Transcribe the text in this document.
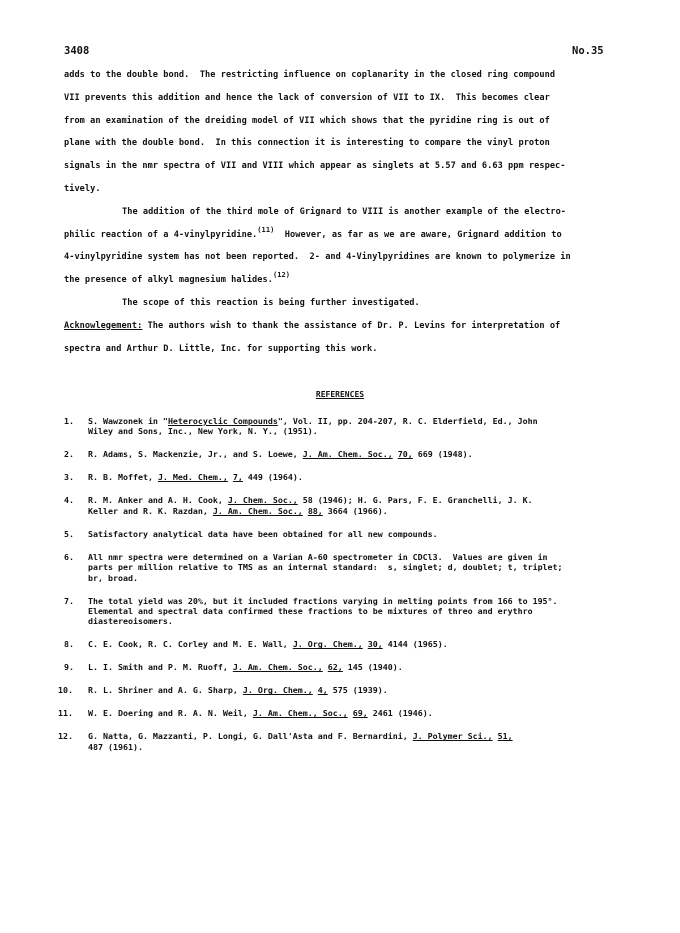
3408	No.35
adds to the double bond.  The restricting influence on coplanarity in the closed ring compound
VII prevents this addition and hence the lack of conversion of VII to IX.  This becomes clear
from an examination of the dreiding model of VII which shows that the pyridine ring is out of
plane with the double bond.  In this connection it is interesting to compare the vinyl proton
signals in the nmr spectra of VII and VIII which appear as singlets at 5.57 and 6.63 ppm respec-
tively.
The addition of the third mole of Grignard to VIII is another example of the electro-
philic reaction of a 4-vinylpyridine.$^{(11)}$  However, as far as we are aware, Grignard addition to
4-vinylpyridine system has not been reported.  2- and 4-Vinylpyridines are known to polymerize in
the presence of alkyl magnesium halides.$^{(12)}$
The scope of this reaction is being further investigated.
Acknowlegement: The authors wish to thank the assistance of Dr. P. Levins for interpretation of
spectra and Arthur D. Little, Inc. for supporting this work.
REFERENCES
1.	S. Wawzonek in "Heterocyclic Compounds", Vol. II, pp. 204-207, R. C. Elderfield, Ed., John
Wiley and Sons, Inc., New York, N. Y., (1951).
2.	R. Adams, S. Mackenzie, Jr., and S. Loewe, J. Am. Chem. Soc., 70, 669 (1948).
3.	R. B. Moffet, J. Med. Chem., 7, 449 (1964).
4.	R. M. Anker and A. H. Cook, J. Chem. Soc., 58 (1946); H. G. Pars, F. E. Granchelli, J. K.
Keller and R. K. Razdan, J. Am. Chem. Soc., 88, 3664 (1966).
5.	Satisfactory analytical data have been obtained for all new compounds.
6.	All nmr spectra were determined on a Varian A-60 spectrometer in CDCl3.  Values are given in
parts per million relative to TMS as an internal standard:  s, singlet; d, doublet; t, triplet;
br, broad.
7.	The total yield was 20%, but it included fractions varying in melting points from 166 to 195°.
Elemental and spectral data confirmed these fractions to be mixtures of threo and erythro
diastereoisomers.
8.	C. E. Cook, R. C. Corley and M. E. Wall, J. Org. Chem., 30, 4144 (1965).
9.	L. I. Smith and P. M. Ruoff, J. Am. Chem. Soc., 62, 145 (1940).
10.	R. L. Shriner and A. G. Sharp, J. Org. Chem., 4, 575 (1939).
11.	W. E. Doering and R. A. N. Weil, J. Am. Chem., Soc., 69, 2461 (1946).
12.	G. Natta, G. Mazzanti, P. Longi, G. Dall'Asta and F. Bernardini, J. Polymer Sci., 51,
487 (1961).
